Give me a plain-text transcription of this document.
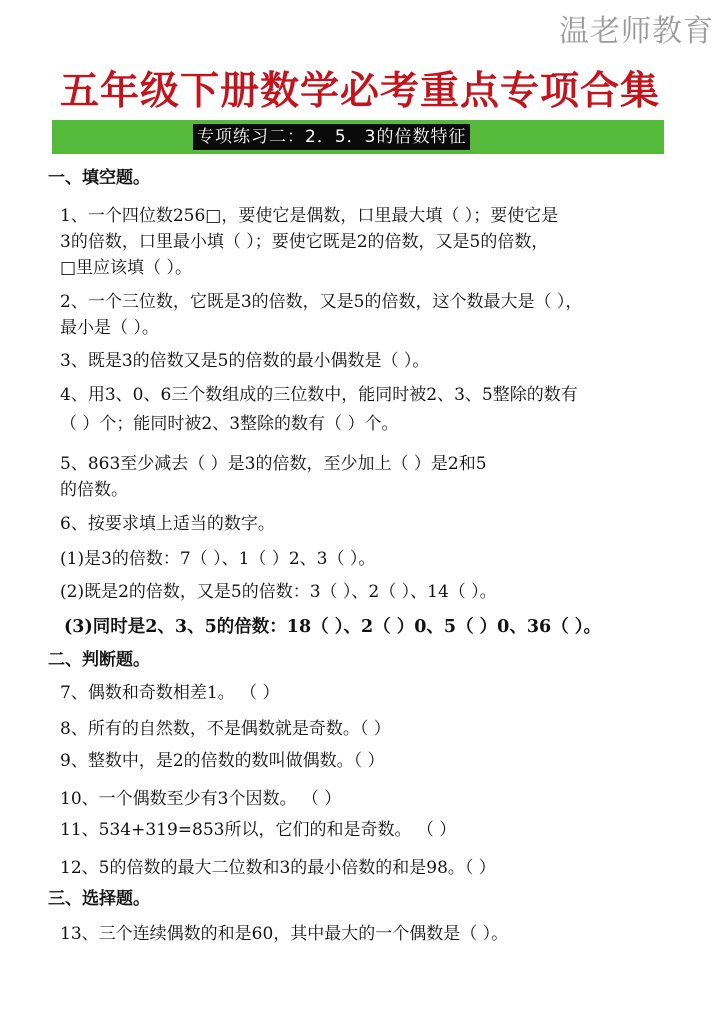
温老师教育
五年级下册数学必考重点专项合集
专项练习二：2．5．3的倍数特征
一、填空题。
1、一个四位数256□，要使它是偶数，口里最大填（ ）；要使它是
3的倍数，口里最小填（ ）；要使它既是2的倍数，又是5的倍数，
□里应该填（ ）。
2、一个三位数，它既是3的倍数，又是5的倍数，这个数最大是（ ），
最小是（ ）。
3、既是3的倍数又是5的倍数的最小偶数是（ ）。
4、用3、0、6三个数组成的三位数中，能同时被2、3、5整除的数有
（ ）个；能同时被2、3整除的数有（ ）个。
5、863至少减去（ ）是3的倍数，至少加上（ ）是2和5
的倍数。
6、按要求填上适当的数字。
(1)是3的倍数：7（ ）、1（ ）2、3（ ）。
(2)既是2的倍数，又是5的倍数：3（ ）、2（ ）、14（ ）。
(3)同时是2、3、5的倍数：18（ ）、2（ ）0、5（ ）0、36（ ）。
二、判断题。
7、偶数和奇数相差1。 （ ）
8、所有的自然数，不是偶数就是奇数。（ ）
9、整数中，是2的倍数的数叫做偶数。（ ）
10、一个偶数至少有3个因数。 （ ）
11、534+319=853所以，它们的和是奇数。 （ ）
12、5的倍数的最大二位数和3的最小倍数的和是98。（ ）
三、选择题。
13、三个连续偶数的和是60，其中最大的一个偶数是（ ）。
